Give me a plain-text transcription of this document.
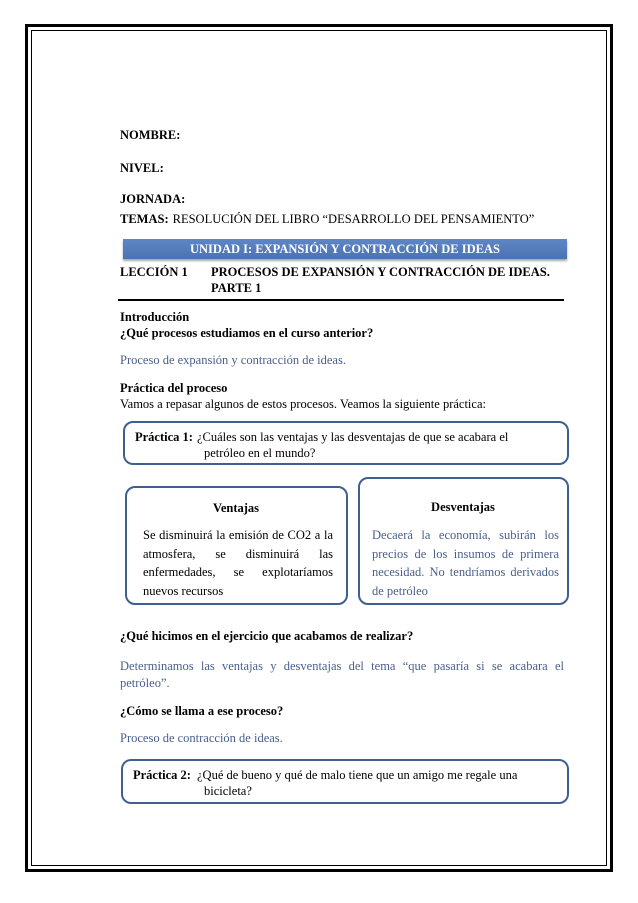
NOMBRE:
NIVEL:
JORNADA:
TEMAS: RESOLUCIÓN DEL LIBRO “DESARROLLO DEL PENSAMIENTO”
UNIDAD I: EXPANSIÓN Y CONTRACCIÓN DE IDEAS
LECCIÓN 1 PROCESOS DE EXPANSIÓN Y CONTRACCIÓN DE IDEAS.
PARTE 1
Introducción
¿Qué procesos estudiamos en el curso anterior?
Proceso de expansión y contracción de ideas.
Práctica del proceso
Vamos a repasar algunos de estos procesos. Veamos la siguiente práctica:
Práctica 1: ¿Cuáles son las ventajas y las desventajas de que se acabara el
petróleo en el mundo?
Ventajas
Se disminuirá la emisión de CO2 a la atmosfera, se disminuirá las enfermedades, se explotaríamos nuevos recursos
Desventajas
Decaerá la economía, subirán los precios de los insumos de primera necesidad. No tendríamos derivados de petróleo
¿Qué hicimos en el ejercicio que acabamos de realizar?
Determinamos las ventajas y desventajas del tema “que pasaría si se acabara el petróleo”.
¿Cómo se llama a ese proceso?
Proceso de contracción de ideas.
Práctica 2: ¿Qué de bueno y qué de malo tiene que un amigo me regale una
bicicleta?
